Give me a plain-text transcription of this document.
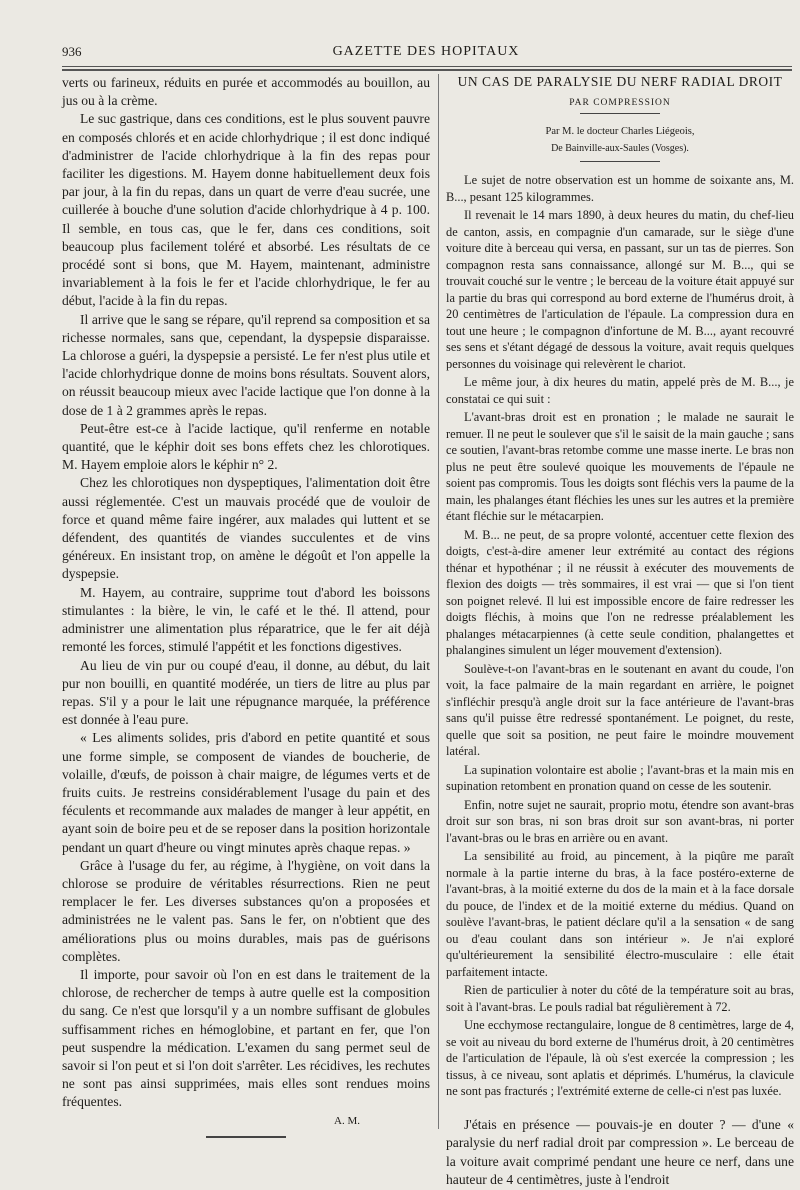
936	GAZETTE DES HOPITAUX

verts ou farineux, réduits en purée et accommodés au bouillon, au jus ou à la crème.

Le suc gastrique, dans ces conditions, est le plus souvent pauvre en composés chlorés et en acide chlorhydrique ; il est donc indiqué d'administrer de l'acide chlorhydrique à la fin des repas pour faciliter les digestions. M. Hayem donne habituellement deux fois par jour, à la fin du repas, dans un quart de verre d'eau sucrée, une cuillerée à bouche d'une solution d'acide chlorhydrique à 4 p. 100. Il semble, en tous cas, que le fer, dans ces conditions, soit beaucoup plus facilement toléré et absorbé. Les résultats de ce procédé sont si bons, que M. Hayem, maintenant, administre invariablement à la fois le fer et l'acide chlorhydrique, le fer au début, l'acide à la fin du repas.

Il arrive que le sang se répare, qu'il reprend sa composition et sa richesse normales, sans que, cependant, la dyspepsie disparaisse. La chlorose a guéri, la dyspepsie a persisté. Le fer n'est plus utile et l'acide chlorhydrique donne de moins bons résultats. Souvent alors, on réussit beaucoup mieux avec l'acide lactique que l'on donne à la dose de 1 à 2 grammes après le repas.

Peut-être est-ce à l'acide lactique, qu'il renferme en notable quantité, que le képhir doit ses bons effets chez les chlorotiques. M. Hayem emploie alors le képhir n° 2.

Chez les chlorotiques non dyspeptiques, l'alimentation doit être aussi réglementée. C'est un mauvais procédé que de vouloir de force et quand même faire ingérer, aux malades qui luttent et se défendent, des quantités de viandes succulentes et de vins généreux. En insistant trop, on amène le dégoût et l'on appelle la dyspepsie.

M. Hayem, au contraire, supprime tout d'abord les boissons stimulantes : la bière, le vin, le café et le thé. Il attend, pour administrer une alimentation plus réparatrice, que le fer ait déjà remonté les forces, stimulé l'appétit et les fonctions digestives.

Au lieu de vin pur ou coupé d'eau, il donne, au début, du lait pur non bouilli, en quantité modérée, un tiers de litre au plus par repas. S'il y a pour le lait une répugnance marquée, la préférence est donnée à l'eau pure.

« Les aliments solides, pris d'abord en petite quantité et sous une forme simple, se composent de viandes de boucherie, de volaille, d'œufs, de poisson à chair maigre, de légumes verts et de fruits cuits. Je restreins considérablement l'usage du pain et des féculents et recommande aux malades de manger à leur appétit, en ayant soin de boire peu et de se reposer dans la position horizontale pendant un quart d'heure ou vingt minutes après chaque repas. »

Grâce à l'usage du fer, au régime, à l'hygiène, on voit dans la chlorose se produire de véritables résurrections. Rien ne peut remplacer le fer. Les diverses substances qu'on a proposées et administrées ne le valent pas. Sans le fer, on n'obtient que des améliorations plus ou moins durables, mais pas de guérisons complètes.

Il importe, pour savoir où l'on en est dans le traitement de la chlorose, de rechercher de temps à autre quelle est la composition du sang. Ce n'est que lorsqu'il y a un nombre suffisant de globules suffisamment riches en hémoglobine, et partant en fer, que l'on peut suspendre la médication. L'examen du sang permet seul de savoir si l'on peut et si l'on doit s'arrêter. Les récidives, les rechutes ne sont pas ainsi supprimées, mais elles sont rendues moins fréquentes.

A. M.

UN CAS DE PARALYSIE DU NERF RADIAL DROIT

PAR COMPRESSION

Par M. le docteur Charles Liégeois,

De Bainville-aux-Saules (Vosges).

Le sujet de notre observation est un homme de soixante ans, M. B..., pesant 125 kilogrammes.

Il revenait le 14 mars 1890, à deux heures du matin, du chef-lieu de canton, assis, en compagnie d'un camarade, sur le siège d'une voiture dite à berceau qui versa, en passant, sur un tas de pierres. Son compagnon resta sans connaissance, allongé sur M. B..., qui se trouvait couché sur le ventre ; le berceau de la voiture était appuyé sur la partie du bras qui correspond au bord externe de l'humérus droit, à 20 centimètres de l'articulation de l'épaule. La compression dura en tout une heure ; le compagnon d'infortune de M. B..., ayant recouvré ses sens et s'étant dégagé de dessous la voiture, avait requis quelques personnes du voisinage qui relevèrent le chariot.

Le même jour, à dix heures du matin, appelé près de M. B..., je constatai ce qui suit :

L'avant-bras droit est en pronation ; le malade ne saurait le remuer. Il ne peut le soulever que s'il le saisit de la main gauche ; sans ce soutien, l'avant-bras retombe comme une masse inerte. Le bras non plus ne peut être soulevé quoique les mouvements de l'épaule ne soient pas compromis. Tous les doigts sont fléchis vers la paume de la main, les phalanges étant fléchies les unes sur les autres et la première étant fléchie sur le métacarpien.

M. B... ne peut, de sa propre volonté, accentuer cette flexion des doigts, c'est-à-dire amener leur extrémité au contact des régions thénar et hypothénar ; il ne réussit à exécuter des mouvements de flexion des doigts — très sommaires, il est vrai — que si l'on tient son poignet relevé. Il lui est impossible encore de faire redresser les doigts fléchis, à moins que l'on ne redresse préalablement les phalanges métacarpiennes (à cette seule condition, phalangettes et phalangines simulent un léger mouvement d'extension).

Soulève-t-on l'avant-bras en le soutenant en avant du coude, l'on voit, la face palmaire de la main regardant en arrière, le poignet s'infléchir presqu'à angle droit sur la face antérieure de l'avant-bras sans qu'il puisse être redressé spontanément. Le poignet, du reste, quelle que soit sa position, ne peut faire le moindre mouvement latéral.

La supination volontaire est abolie ; l'avant-bras et la main mis en supination retombent en pronation quand on cesse de les soutenir.

Enfin, notre sujet ne saurait, proprio motu, étendre son avant-bras droit sur son bras, ni son bras droit sur son avant-bras, ni porter l'avant-bras ou le bras en arrière ou en avant.

La sensibilité au froid, au pincement, à la piqûre me paraît normale à la partie interne du bras, à la face postéro-externe de l'avant-bras, à la moitié externe du dos de la main et à la face dorsale du pouce, de l'index et de la moitié externe du médius. Quand on soulève l'avant-bras, le patient déclare qu'il a la sensation « de sang ou d'eau coulant dans son intérieur ». Je n'ai exploré qu'ultérieurement la sensibilité électro-musculaire : elle était parfaitement intacte.

Rien de particulier à noter du côté de la température soit au bras, soit à l'avant-bras. Le pouls radial bat régulièrement à 72.

Une ecchymose rectangulaire, longue de 8 centimètres, large de 4, se voit au niveau du bord externe de l'humérus droit, à 20 centimètres de l'articulation de l'épaule, là où s'est exercée la compression ; les tissus, à ce niveau, sont aplatis et déprimés. L'humérus, la clavicule ne sont pas fracturés ; l'extrémité externe de celle-ci n'est pas luxée.

J'étais en présence — pouvais-je en douter ? — d'une « paralysie du nerf radial droit par compression ». Le berceau de la voiture avait comprimé pendant une heure ce nerf, dans une hauteur de 4 centimètres, juste à l'endroit
